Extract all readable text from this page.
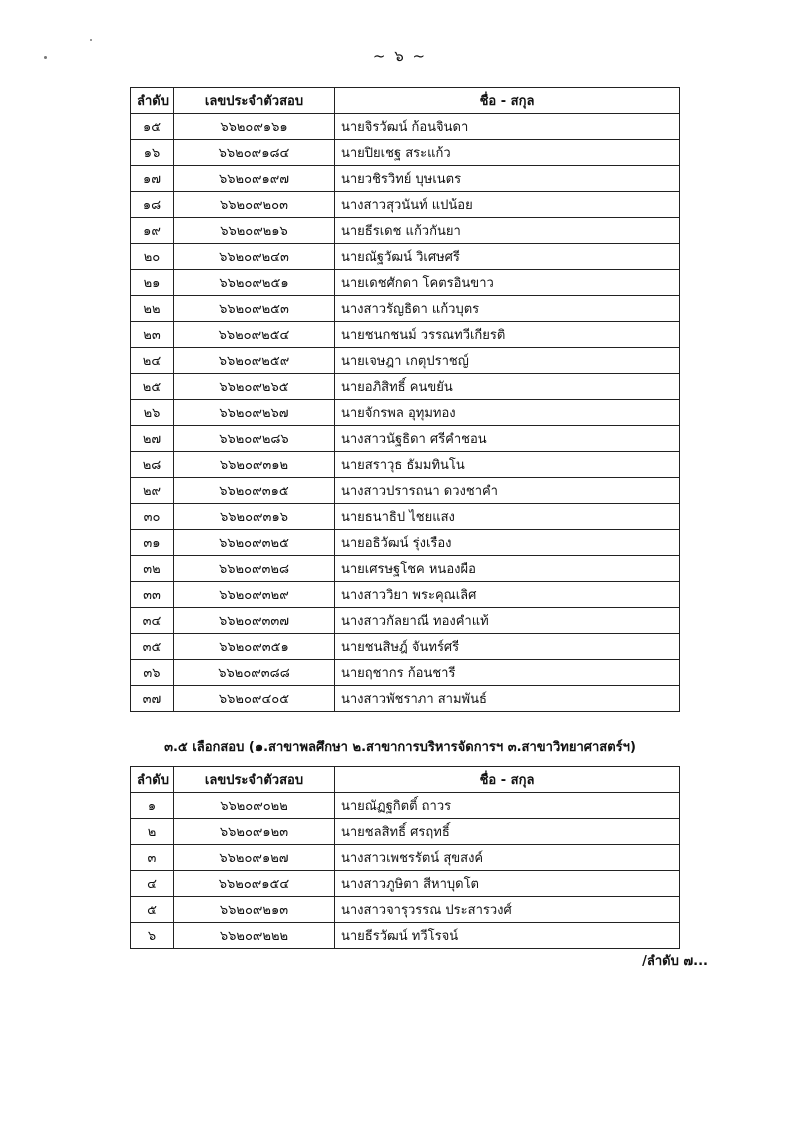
~ ๖ ~
ลำดับ	เลขประจำตัวสอบ	ชื่อ - สกุล
๑๕	๖๖๒๐๙๑๖๑	นายจิรวัฒน์ ก้อนจินดา
๑๖	๖๖๒๐๙๑๘๔	นายปิยเชฐ สระแก้ว
๑๗	๖๖๒๐๙๑๙๗	นายวชิรวิทย์ บุษเนตร
๑๘	๖๖๒๐๙๒๐๓	นางสาวสุวนันท์ แปน้อย
๑๙	๖๖๒๐๙๒๑๖	นายธีรเดช แก้วกันยา
๒๐	๖๖๒๐๙๒๔๓	นายณัฐวัฒน์ วิเศษศรี
๒๑	๖๖๒๐๙๒๕๑	นายเดชศักดา โคตรอินขาว
๒๒	๖๖๒๐๙๒๕๓	นางสาวรัญธิดา แก้วบุตร
๒๓	๖๖๒๐๙๒๕๔	นายชนกชนม์ วรรณทวีเกียรติ
๒๔	๖๖๒๐๙๒๕๙	นายเจษฎา เกตุปราชญ์
๒๕	๖๖๒๐๙๒๖๕	นายอภิสิทธิ์ คนขยัน
๒๖	๖๖๒๐๙๒๖๗	นายจักรพล อุทุมทอง
๒๗	๖๖๒๐๙๒๘๖	นางสาวนัฐธิดา ศรีคำชอน
๒๘	๖๖๒๐๙๓๑๒	นายสราวุธ ธัมมทินโน
๒๙	๖๖๒๐๙๓๑๕	นางสาวปรารถนา ดวงชาคำ
๓๐	๖๖๒๐๙๓๑๖	นายธนาธิป ไชยแสง
๓๑	๖๖๒๐๙๓๒๕	นายอธิวัฒน์ รุ่งเรือง
๓๒	๖๖๒๐๙๓๒๘	นายเศรษฐโชค หนองผือ
๓๓	๖๖๒๐๙๓๒๙	นางสาววิยา พระคุณเลิศ
๓๔	๖๖๒๐๙๓๓๗	นางสาวกัลยาณี ทองคำแท้
๓๕	๖๖๒๐๙๓๕๑	นายชนสิษฎ์ จันทร์ศรี
๓๖	๖๖๒๐๙๓๘๘	นายฤชากร ก้อนชารี
๓๗	๖๖๒๐๙๔๐๕	นางสาวพัชราภา สามพันธ์
๓.๕ เลือกสอบ (๑.สาขาพลศึกษา ๒.สาขาการบริหารจัดการฯ ๓.สาขาวิทยาศาสตร์ฯ)
ลำดับ	เลขประจำตัวสอบ	ชื่อ - สกุล
๑	๖๖๒๐๙๐๒๒	นายณัฏฐกิตติ์ ถาวร
๒	๖๖๒๐๙๑๒๓	นายชลสิทธิ์ ศรฤทธิ์
๓	๖๖๒๐๙๑๒๗	นางสาวเพชรรัตน์ สุขสงค์
๔	๖๖๒๐๙๑๕๔	นางสาวภูษิตา สีหาบุดโต
๕	๖๖๒๐๙๒๑๓	นางสาวจารุวรรณ ประสารวงศ์
๖	๖๖๒๐๙๒๒๒	นายธีรวัฒน์ ทวีโรจน์
/ลำดับ ๗...
